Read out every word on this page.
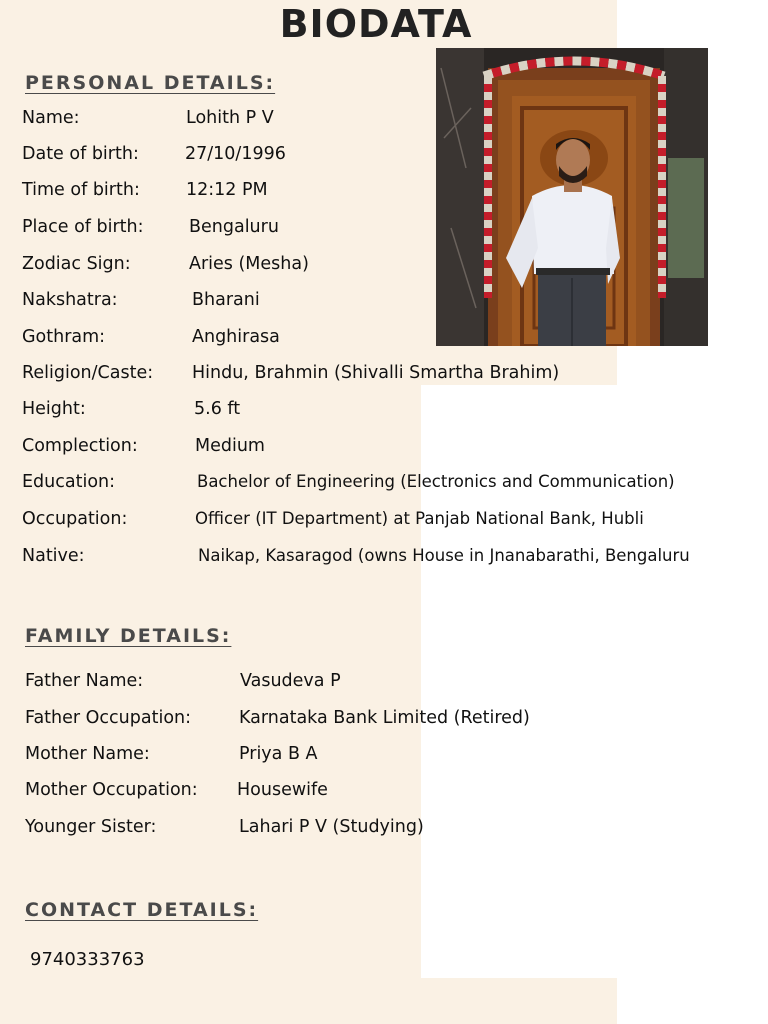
BIODATA
PERSONAL DETAILS:
Name:	Lohith P V
Date of birth:	27/10/1996
Time of birth:	12:12 PM
Place of birth:	Bengaluru
Zodiac Sign:	Aries (Mesha)
Nakshatra:	Bharani
Gothram:	Anghirasa
Religion/Caste: Hindu, Brahmin (Shivalli Smartha Brahim)
Height:	5.6 ft
Complection:	Medium
Education:	Bachelor of Engineering (Electronics and Communication)
Occupation:	Officer (IT Department) at Panjab National Bank, Hubli
Native:	Naikap, Kasaragod (owns House in Jnanabarathi, Bengaluru
FAMILY DETAILS:
Father Name:	Vasudeva P
Father Occupation:	Karnataka Bank Limited (Retired)
Mother Name:	Priya B A
Mother Occupation: Housewife
Younger Sister:	Lahari P V (Studying)
CONTACT DETAILS:
9740333763
